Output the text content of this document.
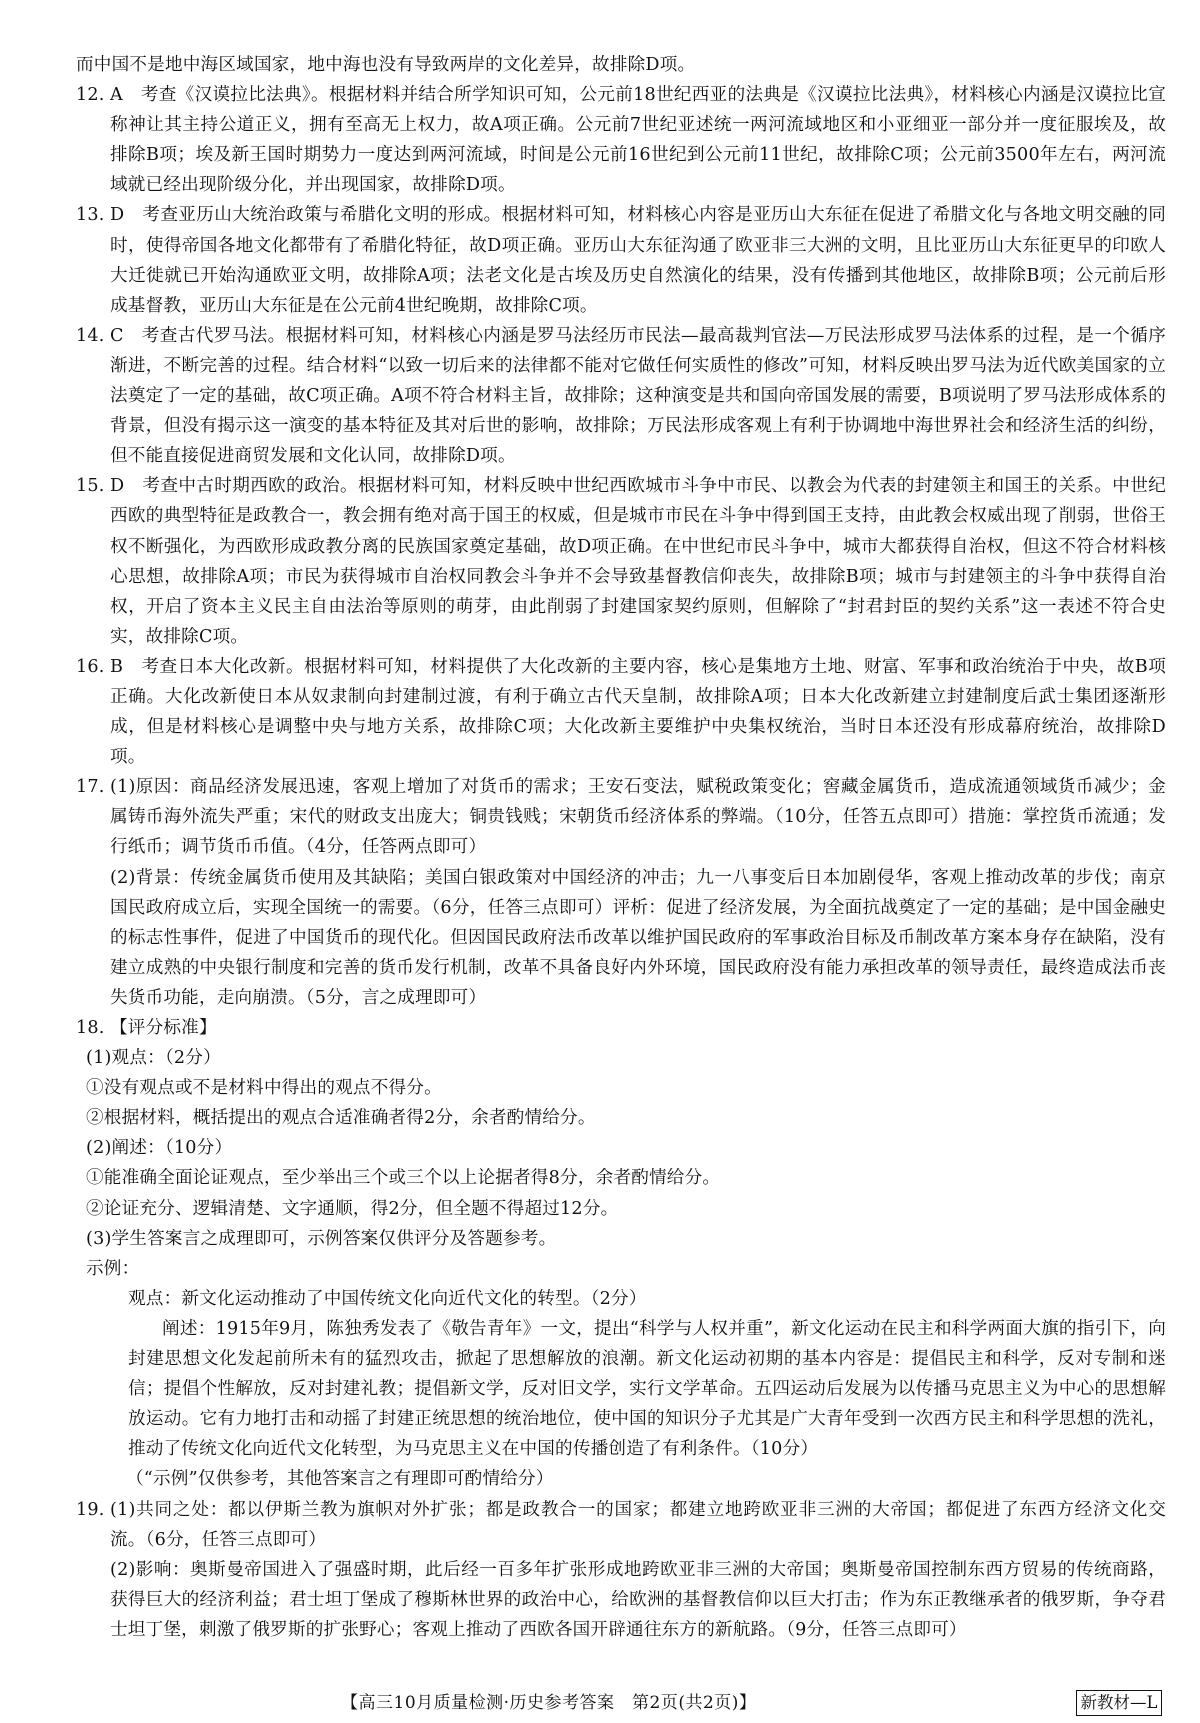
而中国不是地中海区域国家，地中海也没有导致两岸的文化差异，故排除D项。

12. A　考查《汉谟拉比法典》。根据材料并结合所学知识可知，公元前18世纪西亚的法典是《汉谟拉比法典》，材料核心内涵是汉谟拉比宣称神让其主持公道正义，拥有至高无上权力，故A项正确。公元前7世纪亚述统一两河流域地区和小亚细亚一部分并一度征服埃及，故排除B项；埃及新王国时期势力一度达到两河流域，时间是公元前16世纪到公元前11世纪，故排除C项；公元前3500年左右，两河流域就已经出现阶级分化，并出现国家，故排除D项。
13. D　考查亚历山大统治政策与希腊化文明的形成。根据材料可知，材料核心内容是亚历山大东征在促进了希腊文化与各地文明交融的同时，使得帝国各地文化都带有了希腊化特征，故D项正确。亚历山大东征沟通了欧亚非三大洲的文明，且比亚历山大东征更早的印欧人大迁徙就已开始沟通欧亚文明，故排除A项；法老文化是古埃及历史自然演化的结果，没有传播到其他地区，故排除B项；公元前后形成基督教，亚历山大东征是在公元前4世纪晚期，故排除C项。
14. C　考查古代罗马法。根据材料可知，材料核心内涵是罗马法经历市民法—最高裁判官法—万民法形成罗马法体系的过程，是一个循序渐进，不断完善的过程。结合材料“以致一切后来的法律都不能对它做任何实质性的修改”可知，材料反映出罗马法为近代欧美国家的立法奠定了一定的基础，故C项正确。A项不符合材料主旨，故排除；这种演变是共和国向帝国发展的需要，B项说明了罗马法形成体系的背景，但没有揭示这一演变的基本特征及其对后世的影响，故排除；万民法形成客观上有利于协调地中海世界社会和经济生活的纠纷，但不能直接促进商贸发展和文化认同，故排除D项。
15. D　考查中古时期西欧的政治。根据材料可知，材料反映中世纪西欧城市斗争中市民、以教会为代表的封建领主和国王的关系。中世纪西欧的典型特征是政教合一，教会拥有绝对高于国王的权威，但是城市市民在斗争中得到国王支持，由此教会权威出现了削弱，世俗王权不断强化，为西欧形成政教分离的民族国家奠定基础，故D项正确。在中世纪市民斗争中，城市大都获得自治权，但这不符合材料核心思想，故排除A项；市民为获得城市自治权同教会斗争并不会导致基督教信仰丧失，故排除B项；城市与封建领主的斗争中获得自治权，开启了资本主义民主自由法治等原则的萌芽，由此削弱了封建国家契约原则，但解除了“封君封臣的契约关系”这一表述不符合史实，故排除C项。
16. B　考查日本大化改新。根据材料可知，材料提供了大化改新的主要内容，核心是集地方土地、财富、军事和政治统治于中央，故B项正确。大化改新使日本从奴隶制向封建制过渡，有利于确立古代天皇制，故排除A项；日本大化改新建立封建制度后武士集团逐渐形成，但是材料核心是调整中央与地方关系，故排除C项；大化改新主要维护中央集权统治，当时日本还没有形成幕府统治，故排除D项。
17. (1)原因：商品经济发展迅速，客观上增加了对货币的需求；王安石变法，赋税政策变化；窖藏金属货币，造成流通领域货币减少；金属铸币海外流失严重；宋代的财政支出庞大；铜贵钱贱；宋朝货币经济体系的弊端。（10分，任答五点即可）措施：掌控货币流通；发行纸币；调节货币币值。（4分，任答两点即可）

(2)背景：传统金属货币使用及其缺陷；美国白银政策对中国经济的冲击；九一八事变后日本加剧侵华，客观上推动改革的步伐；南京国民政府成立后，实现全国统一的需要。（6分，任答三点即可）评析：促进了经济发展，为全面抗战奠定了一定的基础；是中国金融史的标志性事件，促进了中国货币的现代化。但因国民政府法币改革以维护国民政府的军事政治目标及币制改革方案本身存在缺陷，没有建立成熟的中央银行制度和完善的货币发行机制，改革不具备良好内外环境，国民政府没有能力承担改革的领导责任，最终造成法币丧失货币功能，走向崩溃。（5分，言之成理即可）

18. 【评分标准】

(1)观点：（2分）

①没有观点或不是材料中得出的观点不得分。

②根据材料，概括提出的观点合适准确者得2分，余者酌情给分。

(2)阐述：（10分）

①能准确全面论证观点，至少举出三个或三个以上论据者得8分，余者酌情给分。

②论证充分、逻辑清楚、文字通顺，得2分，但全题不得超过12分。

(3)学生答案言之成理即可，示例答案仅供评分及答题参考。

示例：

观点：新文化运动推动了中国传统文化向近代文化的转型。（2分）

阐述：1915年9月，陈独秀发表了《敬告青年》一文，提出“科学与人权并重”，新文化运动在民主和科学两面大旗的指引下，向封建思想文化发起前所未有的猛烈攻击，掀起了思想解放的浪潮。新文化运动初期的基本内容是：提倡民主和科学，反对专制和迷信；提倡个性解放，反对封建礼教；提倡新文学，反对旧文学，实行文学革命。五四运动后发展为以传播马克思主义为中心的思想解放运动。它有力地打击和动摇了封建正统思想的统治地位，使中国的知识分子尤其是广大青年受到一次西方民主和科学思想的洗礼，推动了传统文化向近代文化转型，为马克思主义在中国的传播创造了有利条件。（10分）

（“示例”仅供参考，其他答案言之有理即可酌情给分）

19. (1)共同之处：都以伊斯兰教为旗帜对外扩张；都是政教合一的国家；都建立地跨欧亚非三洲的大帝国；都促进了东西方经济文化交流。（6分，任答三点即可）

(2)影响：奥斯曼帝国进入了强盛时期，此后经一百多年扩张形成地跨欧亚非三洲的大帝国；奥斯曼帝国控制东西方贸易的传统商路，获得巨大的经济利益；君士坦丁堡成了穆斯林世界的政治中心，给欧洲的基督教信仰以巨大打击；作为东正教继承者的俄罗斯，争夺君士坦丁堡，刺激了俄罗斯的扩张野心；客观上推动了西欧各国开辟通往东方的新航路。（9分，任答三点即可）

【高三10月质量检测·历史参考答案　第2页(共2页)】	新教材—L
